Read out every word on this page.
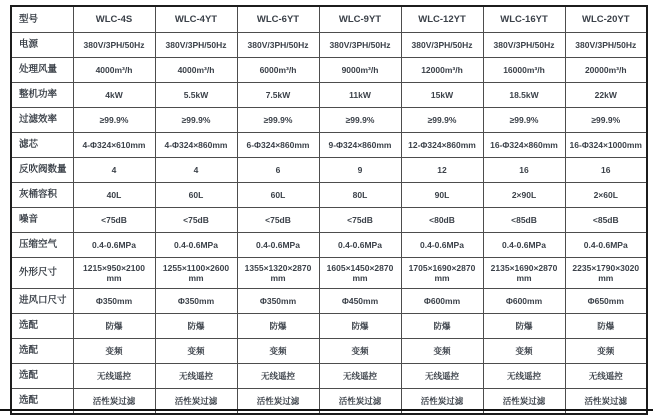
型号	WLC-4S	WLC-4YT	WLC-6YT	WLC-9YT	WLC-12YT	WLC-16YT	WLC-20YT
电源	380V/3PH/50Hz	380V/3PH/50Hz	380V/3PH/50Hz	380V/3PH/50Hz	380V/3PH/50Hz	380V/3PH/50Hz	380V/3PH/50Hz
处理风量	4000m³/h	4000m³/h	6000m³/h	9000m³/h	12000m³/h	16000m³/h	20000m³/h
整机功率	4kW	5.5kW	7.5kW	11kW	15kW	18.5kW	22kW
过滤效率	≥99.9%	≥99.9%	≥99.9%	≥99.9%	≥99.9%	≥99.9%	≥99.9%
滤芯	4-Φ324×610mm	4-Φ324×860mm	6-Φ324×860mm	9-Φ324×860mm	12-Φ324×860mm	16-Φ324×860mm	16-Φ324×1000mm
反吹阀数量	4	4	6	9	12	16	16
灰桶容积	40L	60L	60L	80L	90L	2×90L	2×60L
噪音	<75dB	<75dB	<75dB	<75dB	<80dB	<85dB	<85dB
压缩空气	0.4-0.6MPa	0.4-0.6MPa	0.4-0.6MPa	0.4-0.6MPa	0.4-0.6MPa	0.4-0.6MPa	0.4-0.6MPa
外形尺寸	1215×950×2100 mm	1255×1100×2600 mm	1355×1320×2870 mm	1605×1450×2870 mm	1705×1690×2870 mm	2135×1690×2870 mm	2235×1790×3020 mm
进风口尺寸	Φ350mm	Φ350mm	Φ350mm	Φ450mm	Φ600mm	Φ600mm	Φ650mm
选配	防爆	防爆	防爆	防爆	防爆	防爆	防爆
选配	变频	变频	变频	变频	变频	变频	变频
选配	无线遥控	无线遥控	无线遥控	无线遥控	无线遥控	无线遥控	无线遥控
选配	活性炭过滤	活性炭过滤	活性炭过滤	活性炭过滤	活性炭过滤	活性炭过滤	活性炭过滤
